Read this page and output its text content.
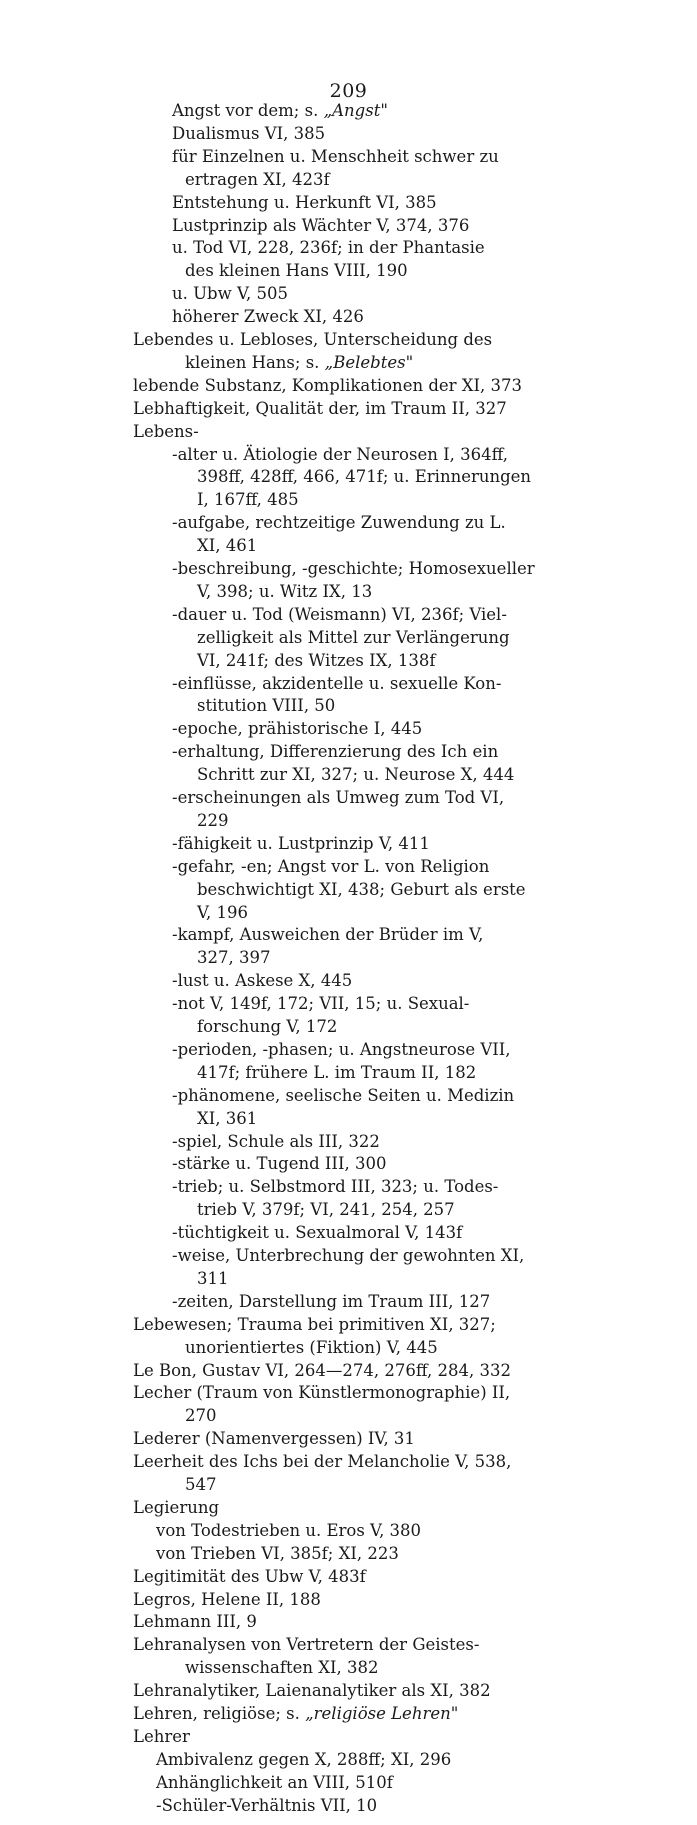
209
Angst vor dem; s. „Angst"
Dualismus VI, 385
für Einzelnen u. Menschheit schwer zu
ertragen XI, 423f
Entstehung u. Herkunft VI, 385
Lustprinzip als Wächter V, 374, 376
u. Tod VI, 228, 236f; in der Phantasie
des kleinen Hans VIII, 190
u. Ubw V, 505
höherer Zweck XI, 426
Lebendes u. Lebloses, Unterscheidung des
kleinen Hans; s. „Belebtes"
lebende Substanz, Komplikationen der XI, 373
Lebhaftigkeit, Qualität der, im Traum II, 327
Lebens-
-alter u. Ätiologie der Neurosen I, 364ff,
398ff, 428ff, 466, 471f; u. Erinnerungen
I, 167ff, 485
-aufgabe, rechtzeitige Zuwendung zu L.
XI, 461
-beschreibung, -geschichte; Homosexueller
V, 398; u. Witz IX, 13
-dauer u. Tod (Weismann) VI, 236f; Viel-
zelligkeit als Mittel zur Verlängerung
VI, 241f; des Witzes IX, 138f
-einflüsse, akzidentelle u. sexuelle Kon-
stitution VIII, 50
-epoche, prähistorische I, 445
-erhaltung, Differenzierung des Ich ein
Schritt zur XI, 327; u. Neurose X, 444
-erscheinungen als Umweg zum Tod VI,
229
-fähigkeit u. Lustprinzip V, 411
-gefahr, -en; Angst vor L. von Religion
beschwichtigt XI, 438; Geburt als erste
V, 196
-kampf, Ausweichen der Brüder im V,
327, 397
-lust u. Askese X, 445
-not V, 149f, 172; VII, 15; u. Sexual-
forschung V, 172
-perioden, -phasen; u. Angstneurose VII,
417f; frühere L. im Traum II, 182
-phänomene, seelische Seiten u. Medizin
XI, 361
-spiel, Schule als III, 322
-stärke u. Tugend III, 300
-trieb; u. Selbstmord III, 323; u. Todes-
trieb V, 379f; VI, 241, 254, 257
-tüchtigkeit u. Sexualmoral V, 143f
-weise, Unterbrechung der gewohnten XI,
311
-zeiten, Darstellung im Traum III, 127
Lebewesen; Trauma bei primitiven XI, 327;
unorientiertes (Fiktion) V, 445
Le Bon, Gustav VI, 264—274, 276ff, 284, 332
Lecher (Traum von Künstlermonographie) II,
270
Lederer (Namenvergessen) IV, 31
Leerheit des Ichs bei der Melancholie V, 538,
547
Legierung
von Todestrieben u. Eros V, 380
von Trieben VI, 385f; XI, 223
Legitimität des Ubw V, 483f
Legros, Helene II, 188
Lehmann III, 9
Lehranalysen von Vertretern der Geistes-
wissenschaften XI, 382
Lehranalytiker, Laienanalytiker als XI, 382
Lehren, religiöse; s. „religiöse Lehren"
Lehrer
Ambivalenz gegen X, 288ff; XI, 296
Anhänglichkeit an VIII, 510f
-Schüler-Verhältnis VII, 10
